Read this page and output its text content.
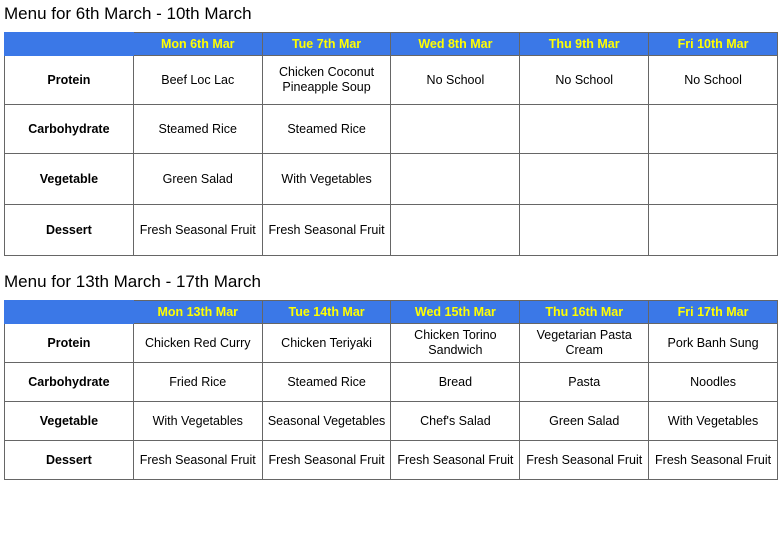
Menu for 6th March - 10th March
	Mon 6th Mar	Tue 7th Mar	Wed 8th Mar	Thu 9th Mar	Fri 10th Mar
Protein	Beef Loc Lac	Chicken Coconut Pineapple Soup	No School	No School	No School
Carbohydrate	Steamed Rice	Steamed Rice			
Vegetable	Green Salad	With Vegetables			
Dessert	Fresh Seasonal Fruit	Fresh Seasonal Fruit			
Menu for 13th March - 17th March
	Mon 13th Mar	Tue 14th Mar	Wed 15th Mar	Thu 16th Mar	Fri 17th Mar
Protein	Chicken Red Curry	Chicken Teriyaki	Chicken Torino Sandwich	Vegetarian Pasta Cream	Pork Banh Sung
Carbohydrate	Fried Rice	Steamed Rice	Bread	Pasta	Noodles
Vegetable	With Vegetables	Seasonal Vegetables	Chef's Salad	Green Salad	With Vegetables
Dessert	Fresh Seasonal Fruit	Fresh Seasonal Fruit	Fresh Seasonal Fruit	Fresh Seasonal Fruit	Fresh Seasonal Fruit
